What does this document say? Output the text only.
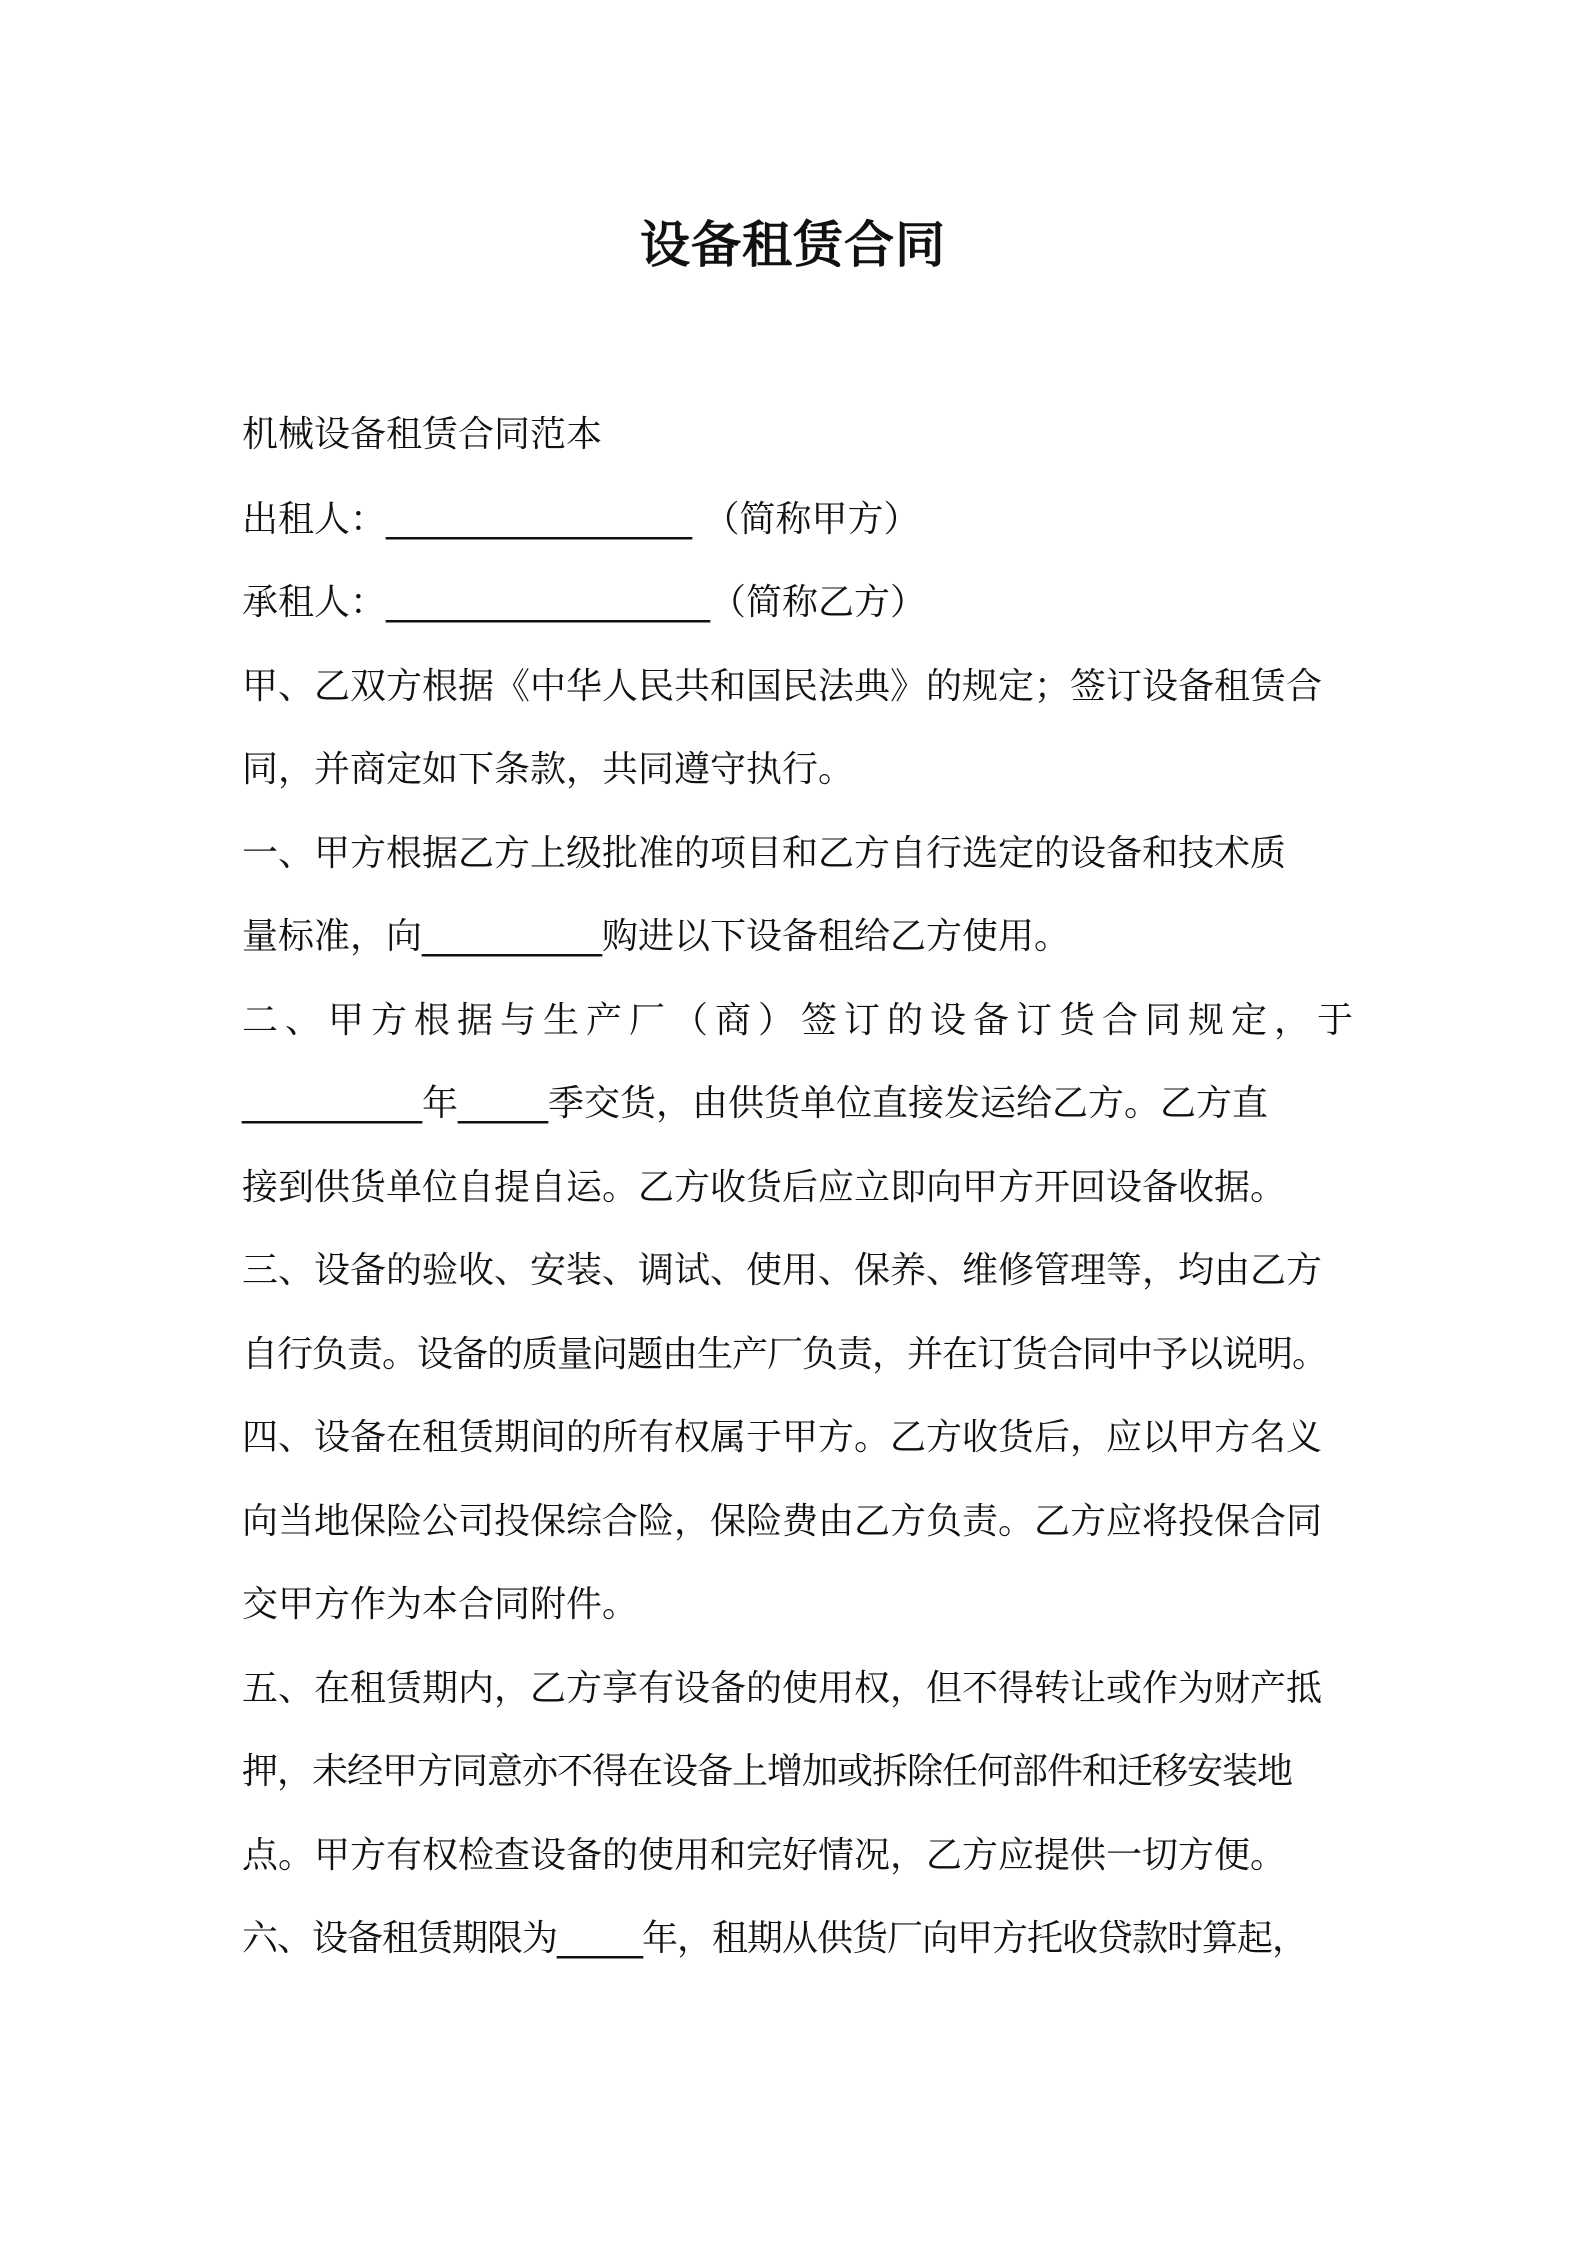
设备租赁合同

机械设备租赁合同范本

出租人：_________________ （简称甲方）

承租人：__________________（简称乙方）

甲、乙双方根据《中华人民共和国民法典》的规定；签订设备租赁合

同，并商定如下条款，共同遵守执行。

一、甲方根据乙方上级批准的项目和乙方自行选定的设备和技术质

量标准，向__________购进以下设备租给乙方使用。

二、甲方根据与生产厂（商）签订的设备订货合同规定，于

__________年_____季交货，由供货单位直接发运给乙方。乙方直

接到供货单位自提自运。乙方收货后应立即向甲方开回设备收据。

三、设备的验收、安装、调试、使用、保养、维修管理等，均由乙方

自行负责。设备的质量问题由生产厂负责，并在订货合同中予以说明。

四、设备在租赁期间的所有权属于甲方。乙方收货后，应以甲方名义

向当地保险公司投保综合险，保险费由乙方负责。乙方应将投保合同

交甲方作为本合同附件。

五、在租赁期内，乙方享有设备的使用权，但不得转让或作为财产抵

押，未经甲方同意亦不得在设备上增加或拆除任何部件和迁移安装地

点。甲方有权检查设备的使用和完好情况，乙方应提供一切方便。

六、设备租赁期限为_____年，租期从供货厂向甲方托收贷款时算起，
